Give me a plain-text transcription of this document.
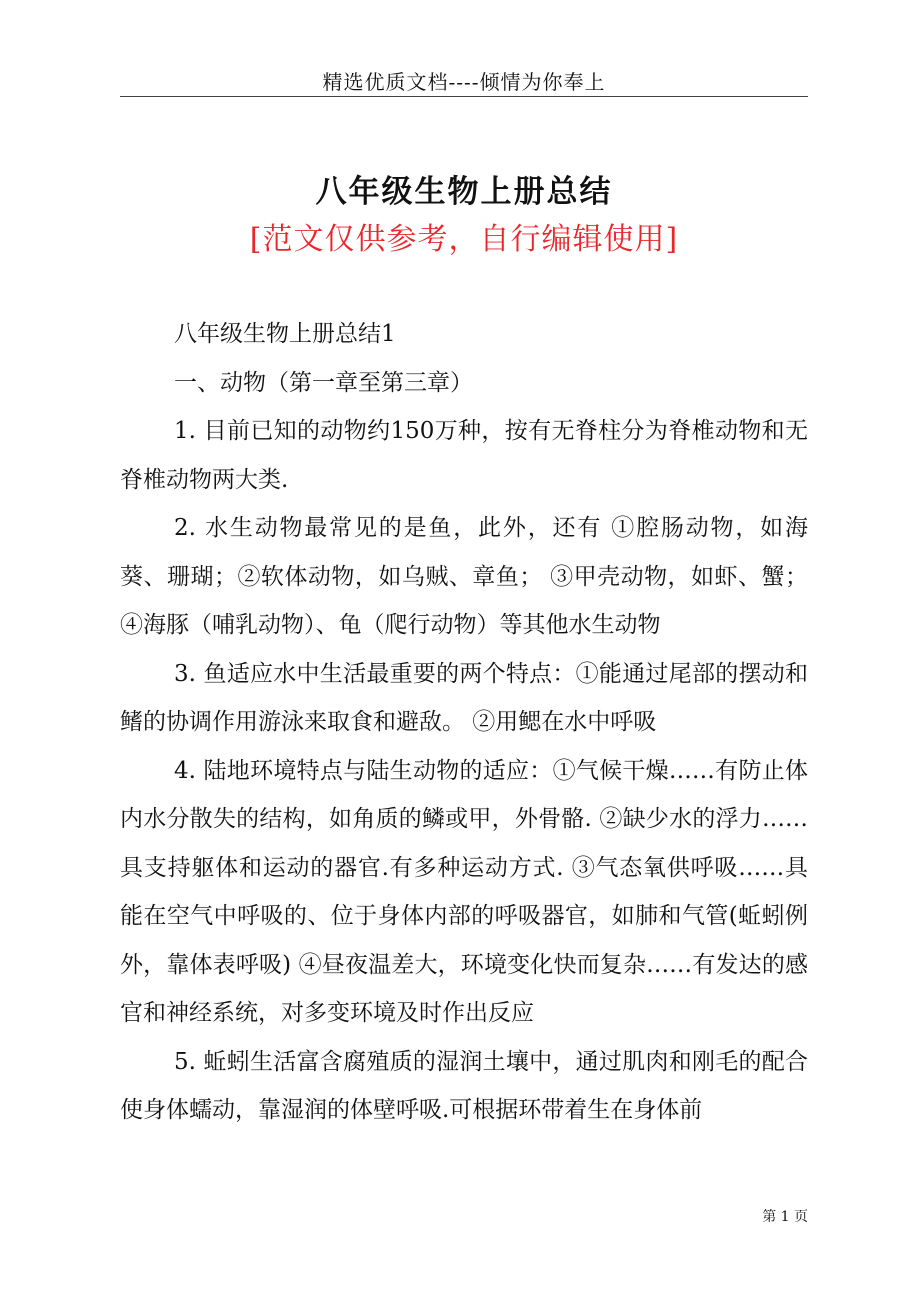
精选优质文档----倾情为你奉上
八年级生物上册总结
[范文仅供参考，自行编辑使用]

八年级生物上册总结1

一、动物（第一章至第三章）

1. 目前已知的动物约150万种，按有无脊柱分为脊椎动物和无脊椎动物两大类.

2. 水生动物最常见的是鱼，此外，还有 ①腔肠动物，如海葵、珊瑚；②软体动物，如乌贼、章鱼； ③甲壳动物，如虾、蟹；④海豚（哺乳动物）、龟（爬行动物）等其他水生动物

3. 鱼适应水中生活最重要的两个特点：①能通过尾部的摆动和鳍的协调作用游泳来取食和避敌。 ②用鳃在水中呼吸

4. 陆地环境特点与陆生动物的适应：①气候干燥……有防止体内水分散失的结构，如角质的鳞或甲，外骨骼. ②缺少水的浮力……具支持躯体和运动的器官.有多种运动方式. ③气态氧供呼吸……具能在空气中呼吸的、位于身体内部的呼吸器官，如肺和气管(蚯蚓例外，靠体表呼吸) ④昼夜温差大，环境变化快而复杂……有发达的感官和神经系统，对多变环境及时作出反应

5. 蚯蚓生活富含腐殖质的湿润土壤中，通过肌肉和刚毛的配合使身体蠕动，靠湿润的体壁呼吸.可根据环带着生在身体前

第 1 页
